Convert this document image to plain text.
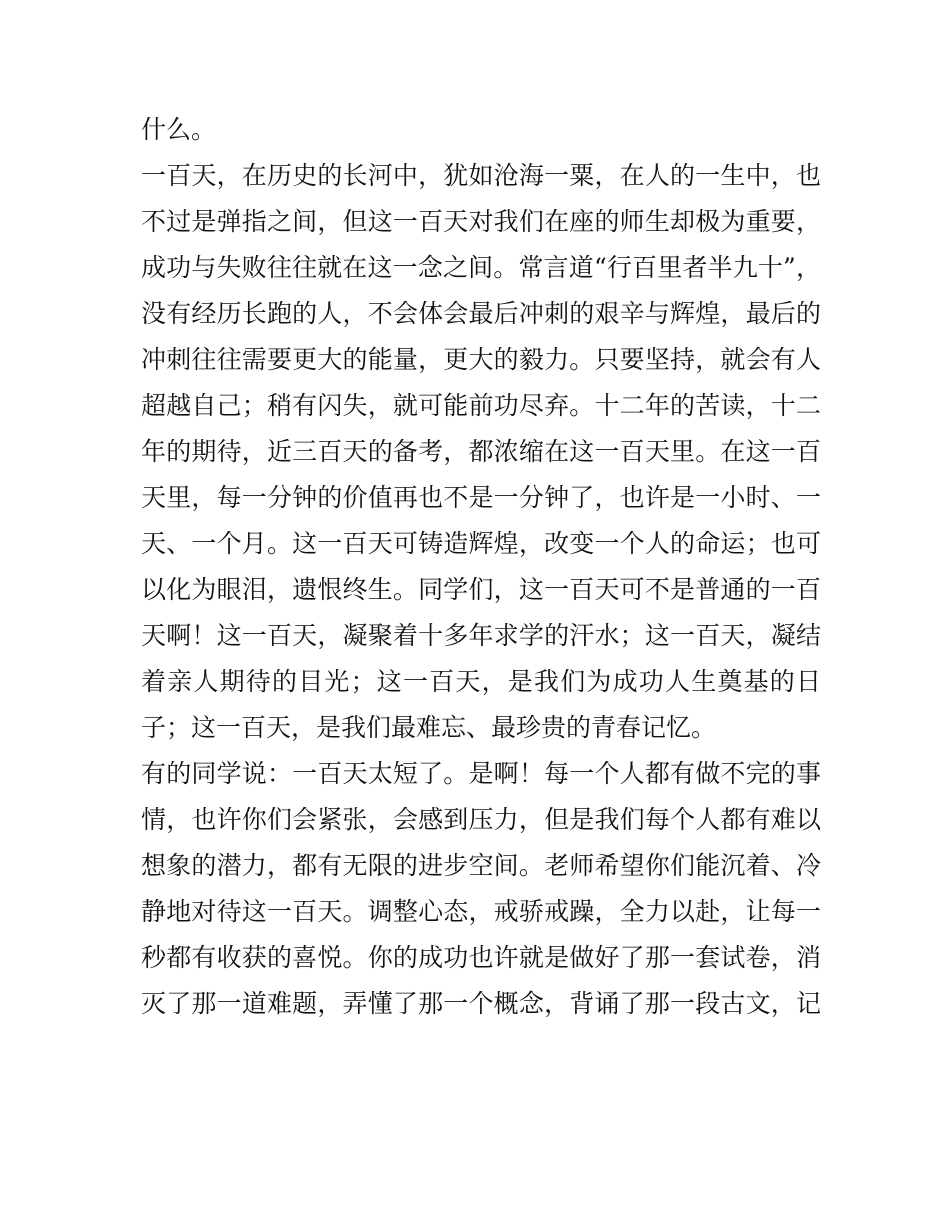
什么。
一百天，在历史的长河中，犹如沧海一粟，在人的一生中，也
不过是弹指之间，但这一百天对我们在座的师生却极为重要，
成功与失败往往就在这一念之间。常言道“行百里者半九十”，
没有经历长跑的人，不会体会最后冲刺的艰辛与辉煌，最后的
冲刺往往需要更大的能量，更大的毅力。只要坚持，就会有人
超越自己；稍有闪失，就可能前功尽弃。十二年的苦读，十二
年的期待，近三百天的备考，都浓缩在这一百天里。在这一百
天里，每一分钟的价值再也不是一分钟了，也许是一小时、一
天、一个月。这一百天可铸造辉煌，改变一个人的命运；也可
以化为眼泪，遗恨终生。同学们，这一百天可不是普通的一百
天啊！这一百天，凝聚着十多年求学的汗水；这一百天，凝结
着亲人期待的目光；这一百天，是我们为成功人生奠基的日
子；这一百天，是我们最难忘、最珍贵的青春记忆。
有的同学说：一百天太短了。是啊！每一个人都有做不完的事
情，也许你们会紧张，会感到压力，但是我们每个人都有难以
想象的潜力，都有无限的进步空间。老师希望你们能沉着、冷
静地对待这一百天。调整心态，戒骄戒躁，全力以赴，让每一
秒都有收获的喜悦。你的成功也许就是做好了那一套试卷，消
灭了那一道难题，弄懂了那一个概念，背诵了那一段古文，记
